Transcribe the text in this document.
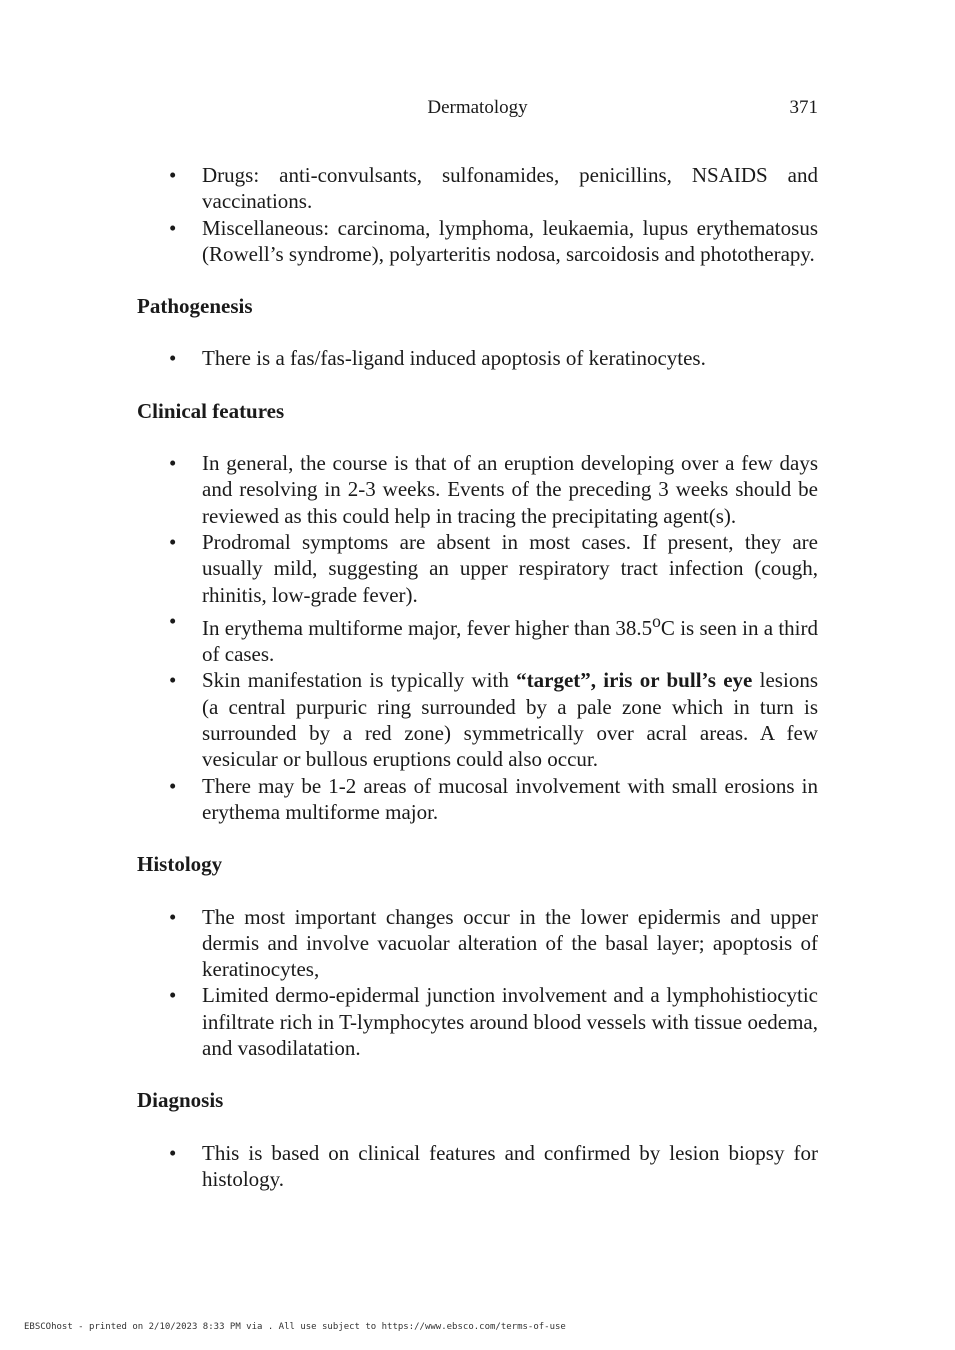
Dermatology	371
• Drugs: anti-convulsants, sulfonamides, penicillins, NSAIDS and vaccinations.
• Miscellaneous: carcinoma, lymphoma, leukaemia, lupus erythematosus (Rowell’s syndrome), polyarteritis nodosa, sarcoidosis and phototherapy.
Pathogenesis
• There is a fas/fas-ligand induced apoptosis of keratinocytes.
Clinical features
• In general, the course is that of an eruption developing over a few days and resolving in 2-3 weeks. Events of the preceding 3 weeks should be reviewed as this could help in tracing the precipitating agent(s).
• Prodromal symptoms are absent in most cases. If present, they are usually mild, suggesting an upper respiratory tract infection (cough, rhinitis, low-grade fever).
• In erythema multiforme major, fever higher than 38.5$^o$C is seen in a third of cases.
• Skin manifestation is typically with “target”, iris or bull’s eye lesions (a central purpuric ring surrounded by a pale zone which in turn is surrounded by a red zone) symmetrically over acral areas. A few vesicular or bullous eruptions could also occur.
• There may be 1-2 areas of mucosal involvement with small erosions in erythema multiforme major.
Histology
• The most important changes occur in the lower epidermis and upper dermis and involve vacuolar alteration of the basal layer; apoptosis of keratinocytes,
• Limited dermo-epidermal junction involvement and a lymphohistiocytic infiltrate rich in T-lymphocytes around blood vessels with tissue oedema, and vasodilatation.
Diagnosis
• This is based on clinical features and confirmed by lesion biopsy for histology.
EBSCOhost - printed on 2/10/2023 8:33 PM via . All use subject to https://www.ebsco.com/terms-of-use
